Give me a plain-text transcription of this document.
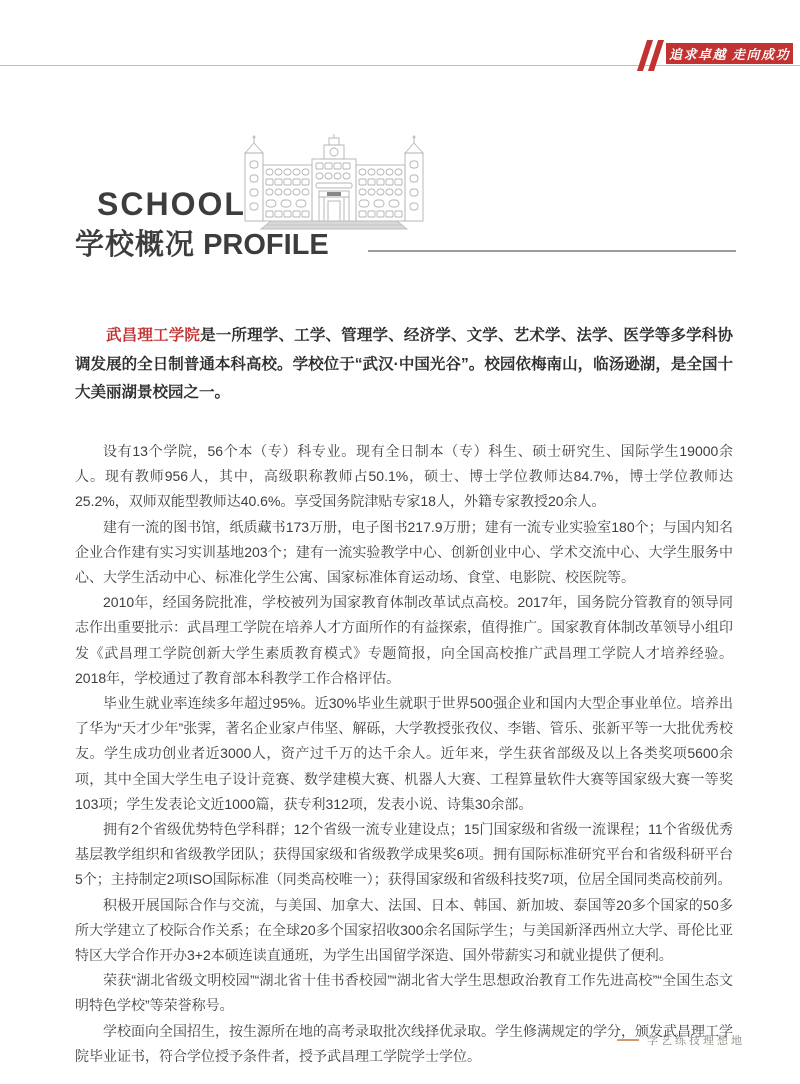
追求卓越 走向成功
SCHOOL
学校概况 PROFILE

武昌理工学院是一所理学、工学、管理学、经济学、文学、艺术学、法学、医学等多学科协调发展的全日制普通本科高校。学校位于“武汉·中国光谷”。校园依梅南山，临汤逊湖，是全国十大美丽湖景校园之一。

设有13个学院，56个本（专）科专业。现有全日制本（专）科生、硕士研究生、国际学生19000余人。现有教师956人，其中，高级职称教师占50.1%，硕士、博士学位教师达84.7%，博士学位教师达25.2%，双师双能型教师达40.6%。享受国务院津贴专家18人，外籍专家教授20余人。

建有一流的图书馆，纸质藏书173万册，电子图书217.9万册；建有一流专业实验室180个；与国内知名企业合作建有实习实训基地203个；建有一流实验教学中心、创新创业中心、学术交流中心、大学生服务中心、大学生活动中心、标准化学生公寓、国家标准体育运动场、食堂、电影院、校医院等。

2010年，经国务院批准，学校被列为国家教育体制改革试点高校。2017年，国务院分管教育的领导同志作出重要批示：武昌理工学院在培养人才方面所作的有益探索，值得推广。国家教育体制改革领导小组印发《武昌理工学院创新大学生素质教育模式》专题简报，向全国高校推广武昌理工学院人才培养经验。2018年，学校通过了教育部本科教学工作合格评估。

毕业生就业率连续多年超过95%。近30%毕业生就职于世界500强企业和国内大型企事业单位。培养出了华为“天才少年”张霁，著名企业家卢伟坚、解砾，大学教授张孜仪、李锴、管乐、张新平等一大批优秀校友。学生成功创业者近3000人，资产过千万的达千余人。近年来，学生获省部级及以上各类奖项5600余项，其中全国大学生电子设计竞赛、数学建模大赛、机器人大赛、工程算量软件大赛等国家级大赛一等奖103项；学生发表论文近1000篇，获专利312项，发表小说、诗集30余部。

拥有2个省级优势特色学科群；12个省级一流专业建设点；15门国家级和省级一流课程；11个省级优秀基层教学组织和省级教学团队；获得国家级和省级教学成果奖6项。拥有国际标准研究平台和省级科研平台5个；主持制定2项ISO国际标准（同类高校唯一）；获得国家级和省级科技奖7项，位居全国同类高校前列。

积极开展国际合作与交流，与美国、加拿大、法国、日本、韩国、新加坡、泰国等20多个国家的50多所大学建立了校际合作关系；在全球20多个国家招收300余名国际学生；与美国新泽西州立大学、哥伦比亚特区大学合作开办3+2本硕连读直通班，为学生出国留学深造、国外带薪实习和就业提供了便利。

荣获“湖北省级文明校园”“湖北省十佳书香校园”“湖北省大学生思想政治教育工作先进高校”“全国生态文明特色学校”等荣誉称号。

学校面向全国招生，按生源所在地的高考录取批次线择优录取。学生修满规定的学分，颁发武昌理工学院毕业证书，符合学位授予条件者，授予武昌理工学院学士学位。

学艺练技理想地
